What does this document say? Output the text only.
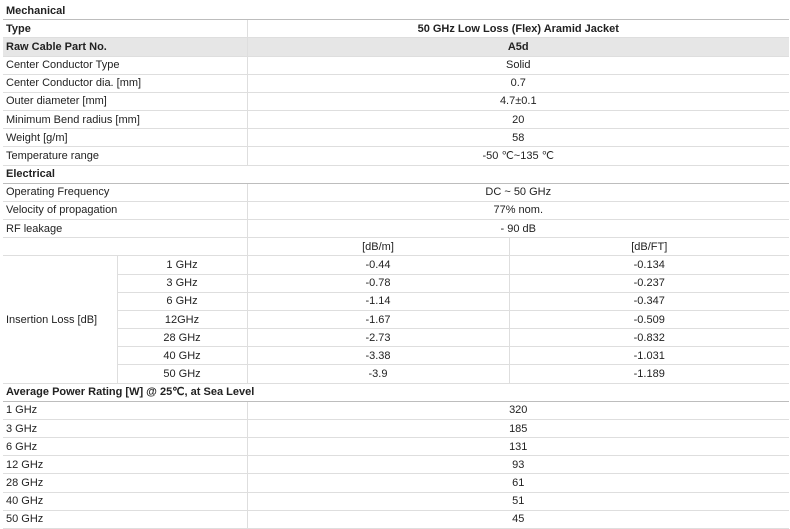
Mechanical			
Type		50 GHz Low Loss (Flex) Aramid Jacket	
Raw Cable Part No.		A5d	
Center Conductor Type		Solid	
Center Conductor dia. [mm]		0.7	
Outer diameter [mm]		4.7±0.1	
Minimum Bend radius [mm]		20	
Weight [g/m]		58	
Temperature range		-50 ℃~135 ℃	
Electrical			
Operating Frequency		DC ~ 50 GHz	
Velocity of propagation		77% nom.	
RF leakage		- 90 dB	
		[dB/m]	[dB/FT]
Insertion Loss [dB]	1 GHz	-0.44	-0.134
	3 GHz	-0.78	-0.237
	6 GHz	-1.14	-0.347
	12GHz	-1.67	-0.509
	28 GHz	-2.73	-0.832
	40 GHz	-3.38	-1.031
	50 GHz	-3.9	-1.189
Average Power Rating [W] @ 25℃, at Sea Level			
1 GHz		320	
3 GHz		185	
6 GHz		131	
12 GHz		93	
28 GHz		61	
40 GHz		51	
50 GHz		45	
